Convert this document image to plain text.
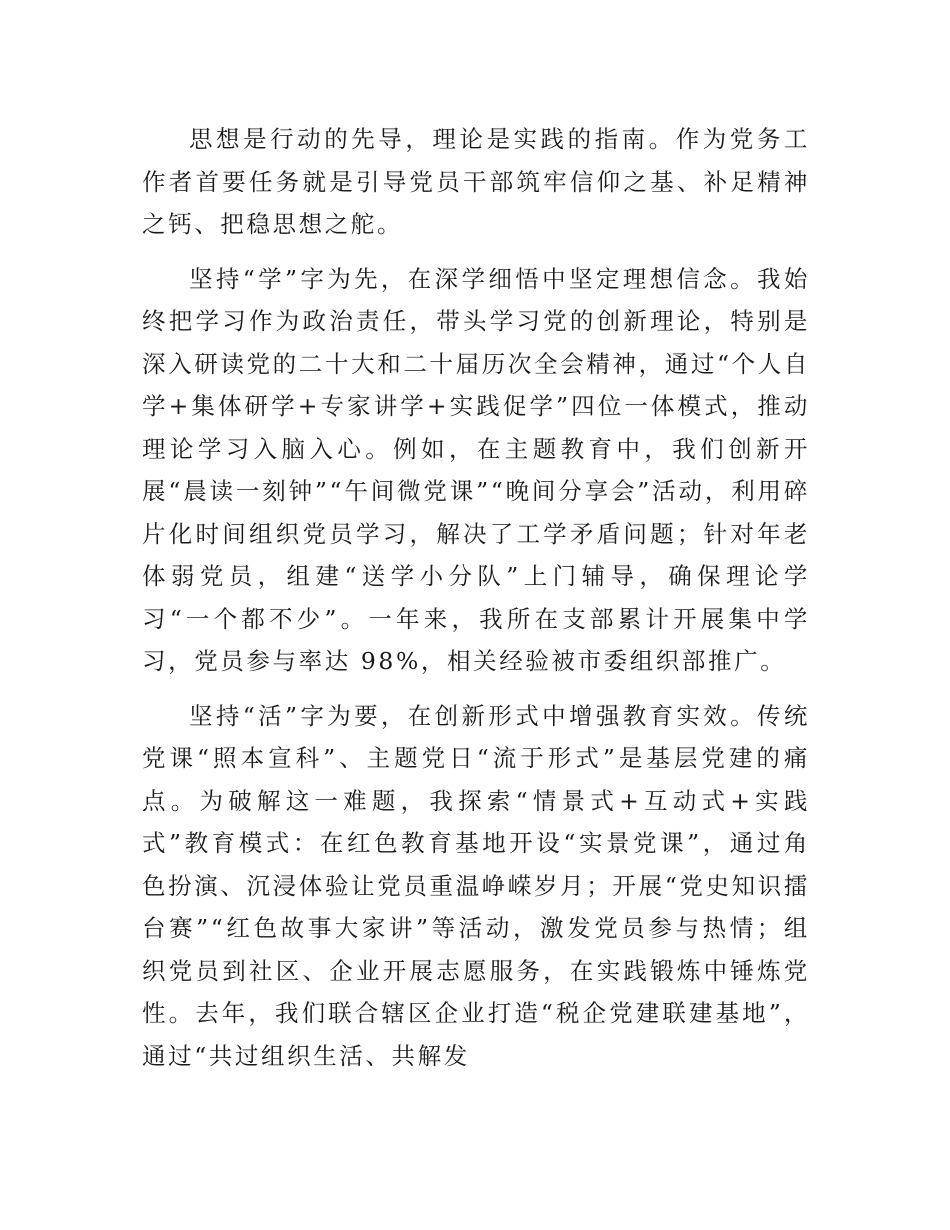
思想是行动的先导，理论是实践的指南。作为党务工作者首要任务就是引导党员干部筑牢信仰之基、补足精神之钙、把稳思想之舵。

坚持“学”字为先，在深学细悟中坚定理想信念。我始终把学习作为政治责任，带头学习党的创新理论，特别是深入研读党的二十大和二十届历次全会精神，通过“个人自学+集体研学+专家讲学+实践促学”四位一体模式，推动理论学习入脑入心。例如，在主题教育中，我们创新开展“晨读一刻钟”“午间微党课”“晚间分享会”活动，利用碎片化时间组织党员学习，解决了工学矛盾问题；针对年老体弱党员，组建“送学小分队”上门辅导，确保理论学习“一个都不少”。一年来，我所在支部累计开展集中学习，党员参与率达 98%，相关经验被市委组织部推广。

坚持“活”字为要，在创新形式中增强教育实效。传统党课“照本宣科”、主题党日“流于形式”是基层党建的痛点。为破解这一难题，我探索“情景式+互动式+实践式”教育模式：在红色教育基地开设“实景党课”，通过角色扮演、沉浸体验让党员重温峥嵘岁月；开展“党史知识擂台赛”“红色故事大家讲”等活动，激发党员参与热情；组织党员到社区、企业开展志愿服务，在实践锻炼中锤炼党性。去年，我们联合辖区企业打造“税企党建联建基地”，通过“共过组织生活、共解发
